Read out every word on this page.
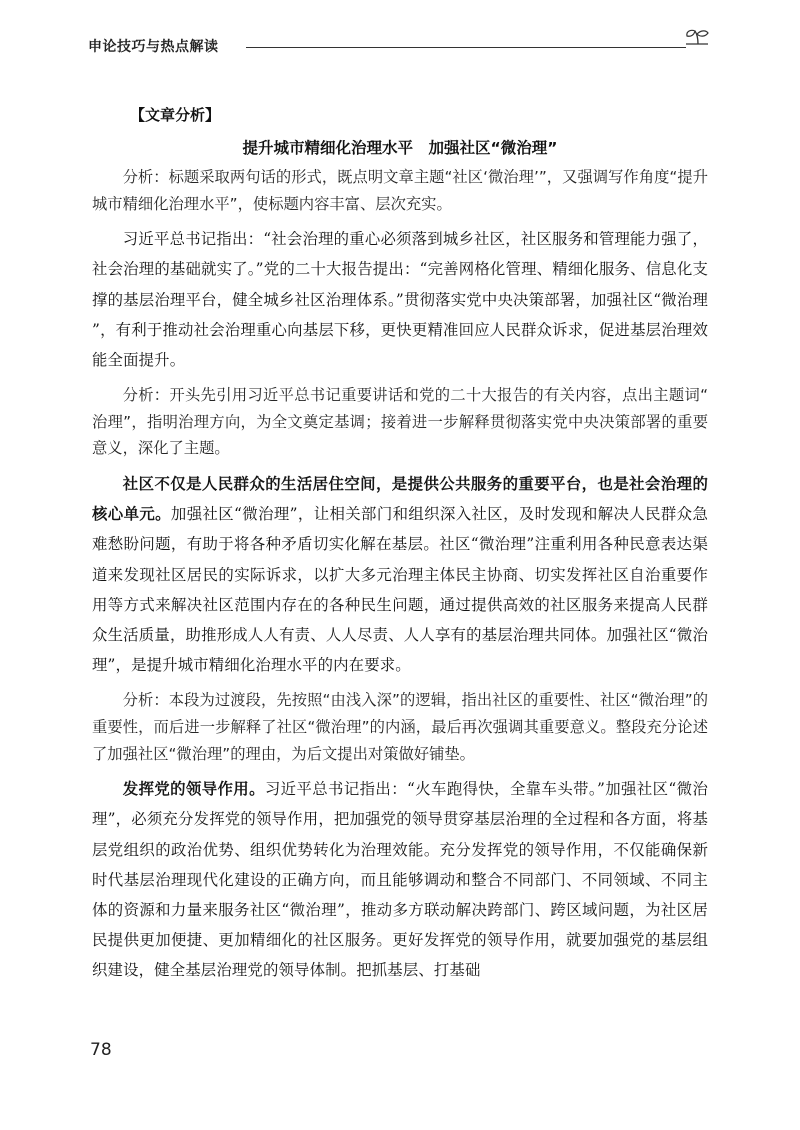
申论技巧与热点解读
【文章分析】
提升城市精细化治理水平　加强社区“微治理”

分析：标题采取两句话的形式，既点明文章主题“社区‘微治理’”，又强调写作角度“提升城市精细化治理水平”，使标题内容丰富、层次充实。

习近平总书记指出：“社会治理的重心必须落到城乡社区，社区服务和管理能力强了，社会治理的基础就实了。”党的二十大报告提出：“完善网格化管理、精细化服务、信息化支撑的基层治理平台，健全城乡社区治理体系。”贯彻落实党中央决策部署，加强社区“微治理”，有利于推动社会治理重心向基层下移，更快更精准回应人民群众诉求，促进基层治理效能全面提升。

分析：开头先引用习近平总书记重要讲话和党的二十大报告的有关内容，点出主题词“治理”，指明治理方向，为全文奠定基调；接着进一步解释贯彻落实党中央决策部署的重要意义，深化了主题。

社区不仅是人民群众的生活居住空间，是提供公共服务的重要平台，也是社会治理的核心单元。加强社区“微治理”，让相关部门和组织深入社区，及时发现和解决人民群众急难愁盼问题，有助于将各种矛盾切实化解在基层。社区“微治理”注重利用各种民意表达渠道来发现社区居民的实际诉求，以扩大多元治理主体民主协商、切实发挥社区自治重要作用等方式来解决社区范围内存在的各种民生问题，通过提供高效的社区服务来提高人民群众生活质量，助推形成人人有责、人人尽责、人人享有的基层治理共同体。加强社区“微治理”，是提升城市精细化治理水平的内在要求。

分析：本段为过渡段，先按照“由浅入深”的逻辑，指出社区的重要性、社区“微治理”的重要性，而后进一步解释了社区“微治理”的内涵，最后再次强调其重要意义。整段充分论述了加强社区“微治理”的理由，为后文提出对策做好铺垫。

发挥党的领导作用。习近平总书记指出：“火车跑得快，全靠车头带。”加强社区“微治理”，必须充分发挥党的领导作用，把加强党的领导贯穿基层治理的全过程和各方面，将基层党组织的政治优势、组织优势转化为治理效能。充分发挥党的领导作用，不仅能确保新时代基层治理现代化建设的正确方向，而且能够调动和整合不同部门、不同领域、不同主体的资源和力量来服务社区“微治理”，推动多方联动解决跨部门、跨区域问题，为社区居民提供更加便捷、更加精细化的社区服务。更好发挥党的领导作用，就要加强党的基层组织建设，健全基层治理党的领导体制。把抓基层、打基础

78
